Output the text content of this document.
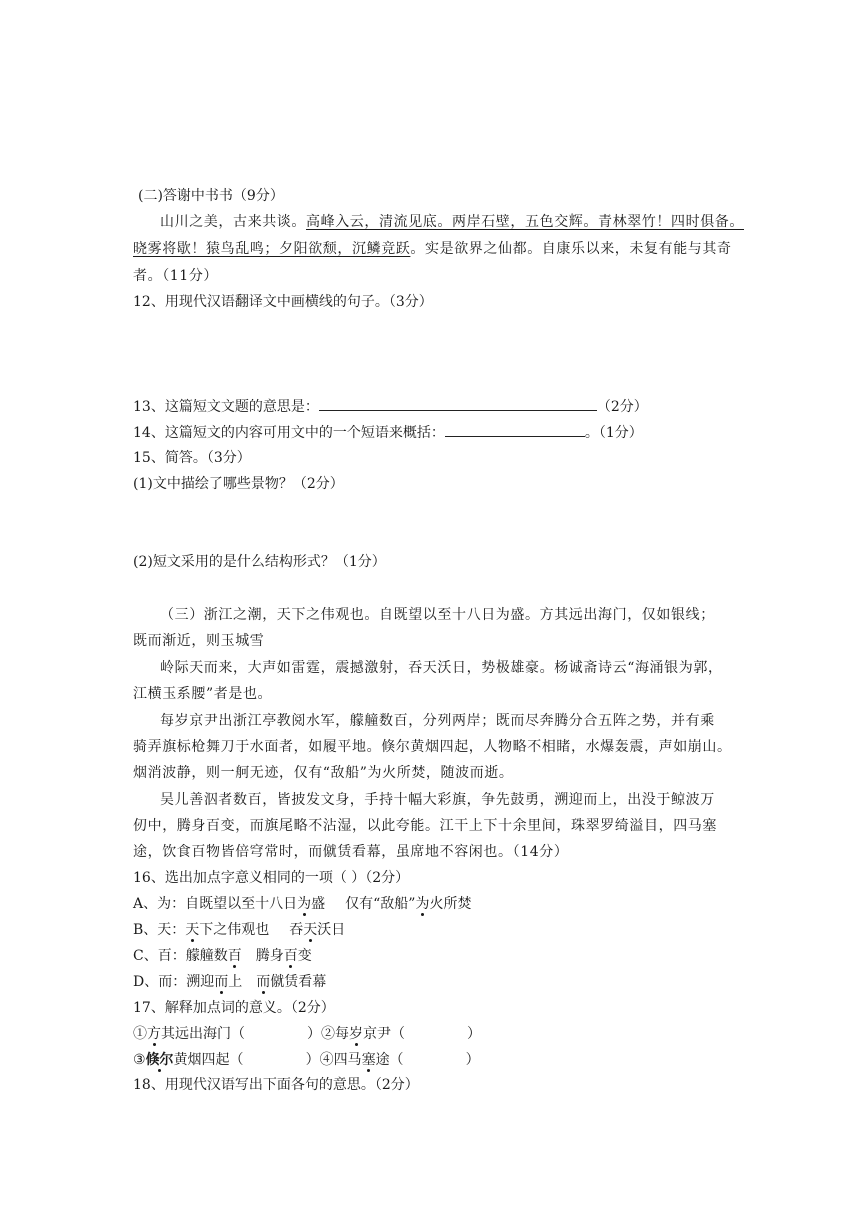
(二)答谢中书书（9分）
山川之美，古来共谈。高峰入云，清流见底。两岸石壁，五色交辉。青林翠竹！四时俱备。
晓雾将歇！猿鸟乱鸣；夕阳欲颓，沉鳞竞跃。实是欲界之仙都。自康乐以来，未复有能与其奇
者。（11分）
12、用现代汉语翻译文中画横线的句子。（3分）
13、这篇短文文题的意思是：	（2分）
14、这篇短文的内容可用文中的一个短语来概括：	。（1分）
15、简答。（3分）
(1)文中描绘了哪些景物？（2分）
(2)短文采用的是什么结构形式？（1分）
（三）浙江之潮，天下之伟观也。自既望以至十八日为盛。方其远出海门，仅如银线；
既而渐近，则玉城雪
岭际天而来，大声如雷霆，震撼激射，吞天沃日，势极雄豪。杨诚斋诗云“海涌银为郭，
江横玉系腰”者是也。
每岁京尹出浙江亭教阅水军，艨艟数百，分列两岸；既而尽奔腾分合五阵之势，并有乘
骑弄旗标枪舞刀于水面者，如履平地。倏尔黄烟四起，人物略不相睹，水爆轰震，声如崩山。
烟消波静，则一舸无迹，仅有“敌船”为火所焚，随波而逝。
吴儿善泅者数百，皆披发文身，手持十幅大彩旗，争先鼓勇，溯迎而上，出没于鲸波万
仞中，腾身百变，而旗尾略不沾湿，以此夸能。江干上下十余里间，珠翠罗绮溢目，四马塞
途，饮食百物皆倍穹常时，而僦赁看幕，虽席地不容闲也。（14分）
16、选出加点字意义相同的一项（ ）（2分）
A、为：自既望以至十八日为盛 仅有“敌船”为火所焚
B、天：天下之伟观也 吞天沃日
C、百：艨艟数百 腾身百变
D、而：溯迎而上 而僦赁看幕
17、解释加点词的意义。（2分）
①方其远出海门（	）②每岁京尹（	）
③倏尔黄烟四起（	）④四马塞途（	）
18、用现代汉语写出下面各句的意思。（2分）
